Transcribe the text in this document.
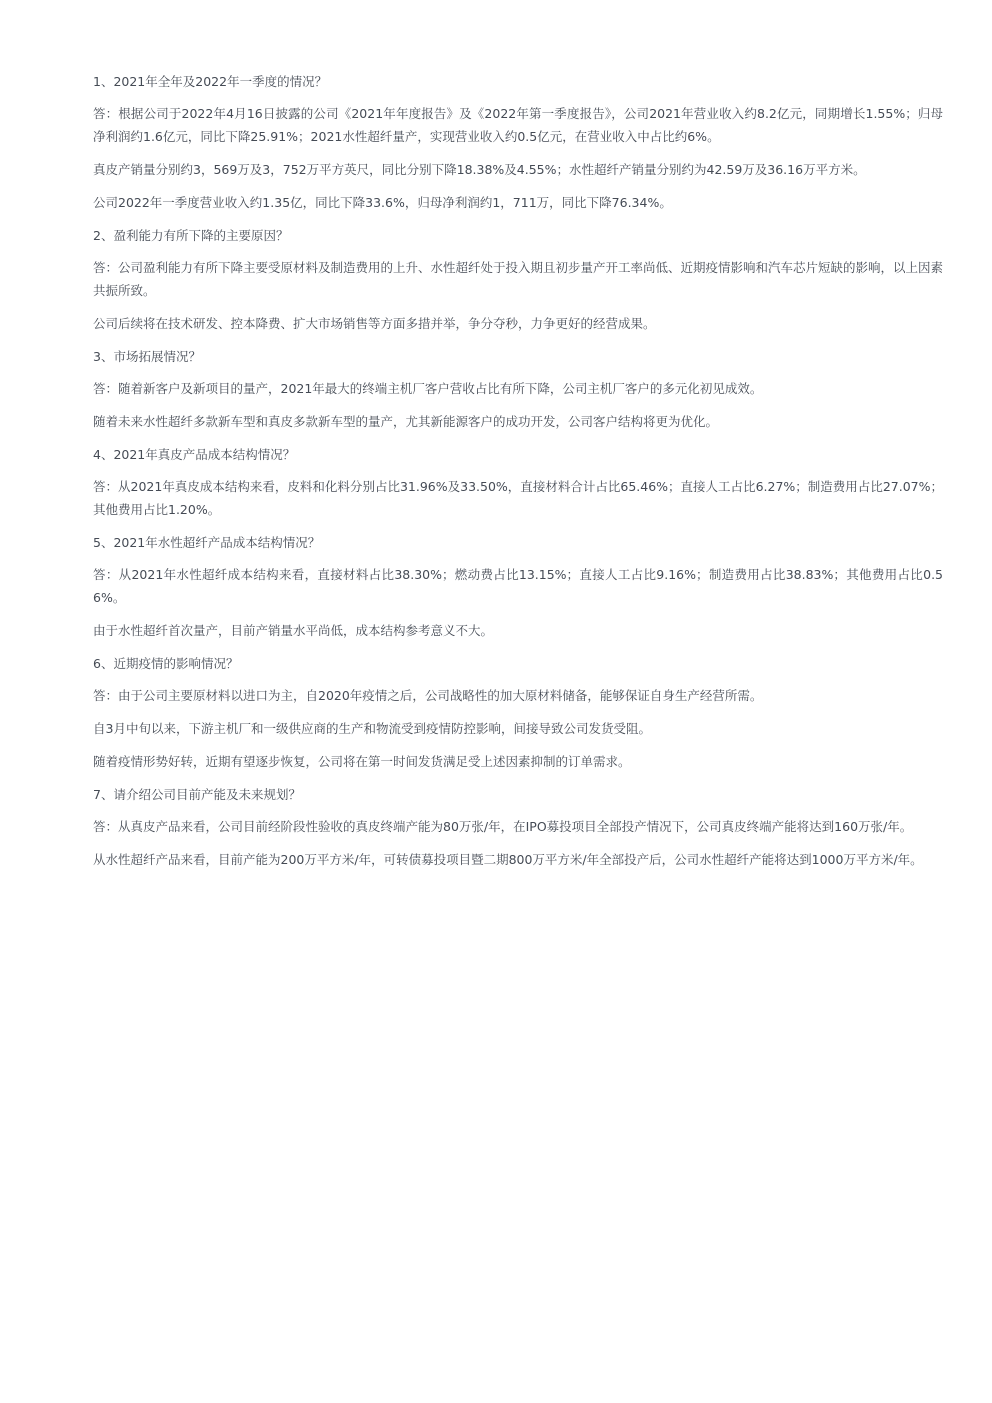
1、2021年全年及2022年一季度的情况？

答：根据公司于2022年4月16日披露的公司《2021年年度报告》及《2022年第一季度报告》，公司2021年营业收入约8.2亿元，同期增长1.55%；归母净利润约1.6亿元，同比下降25.91%；2021水性超纤量产，实现营业收入约0.5亿元，在营业收入中占比约6%。

真皮产销量分别约3，569万及3，752万平方英尺，同比分别下降18.38%及4.55%；水性超纤产销量分别约为42.59万及36.16万平方米。

公司2022年一季度营业收入约1.35亿，同比下降33.6%，归母净利润约1，711万，同比下降76.34%。

2、盈利能力有所下降的主要原因？

答：公司盈利能力有所下降主要受原材料及制造费用的上升、水性超纤处于投入期且初步量产开工率尚低、近期疫情影响和汽车芯片短缺的影响，以上因素共振所致。

公司后续将在技术研发、控本降费、扩大市场销售等方面多措并举，争分夺秒，力争更好的经营成果。

3、市场拓展情况？

答：随着新客户及新项目的量产，2021年最大的终端主机厂客户营收占比有所下降，公司主机厂客户的多元化初见成效。

随着未来水性超纤多款新车型和真皮多款新车型的量产，尤其新能源客户的成功开发，公司客户结构将更为优化。

4、2021年真皮产品成本结构情况？

答：从2021年真皮成本结构来看，皮料和化料分别占比31.96%及33.50%，直接材料合计占比65.46%；直接人工占比6.27%；制造费用占比27.07%；其他费用占比1.20%。

5、2021年水性超纤产品成本结构情况？

答：从2021年水性超纤成本结构来看，直接材料占比38.30%；燃动费占比13.15%；直接人工占比9.16%；制造费用占比38.83%；其他费用占比0.56%。

由于水性超纤首次量产，目前产销量水平尚低，成本结构参考意义不大。

6、近期疫情的影响情况？

答：由于公司主要原材料以进口为主，自2020年疫情之后，公司战略性的加大原材料储备，能够保证自身生产经营所需。

自3月中旬以来，下游主机厂和一级供应商的生产和物流受到疫情防控影响，间接导致公司发货受阻。

随着疫情形势好转，近期有望逐步恢复，公司将在第一时间发货满足受上述因素抑制的订单需求。

7、请介绍公司目前产能及未来规划？

答：从真皮产品来看，公司目前经阶段性验收的真皮终端产能为80万张/年，在IPO募投项目全部投产情况下，公司真皮终端产能将达到160万张/年。

从水性超纤产品来看，目前产能为200万平方米/年，可转债募投项目暨二期800万平方米/年全部投产后，公司水性超纤产能将达到1000万平方米/年。
